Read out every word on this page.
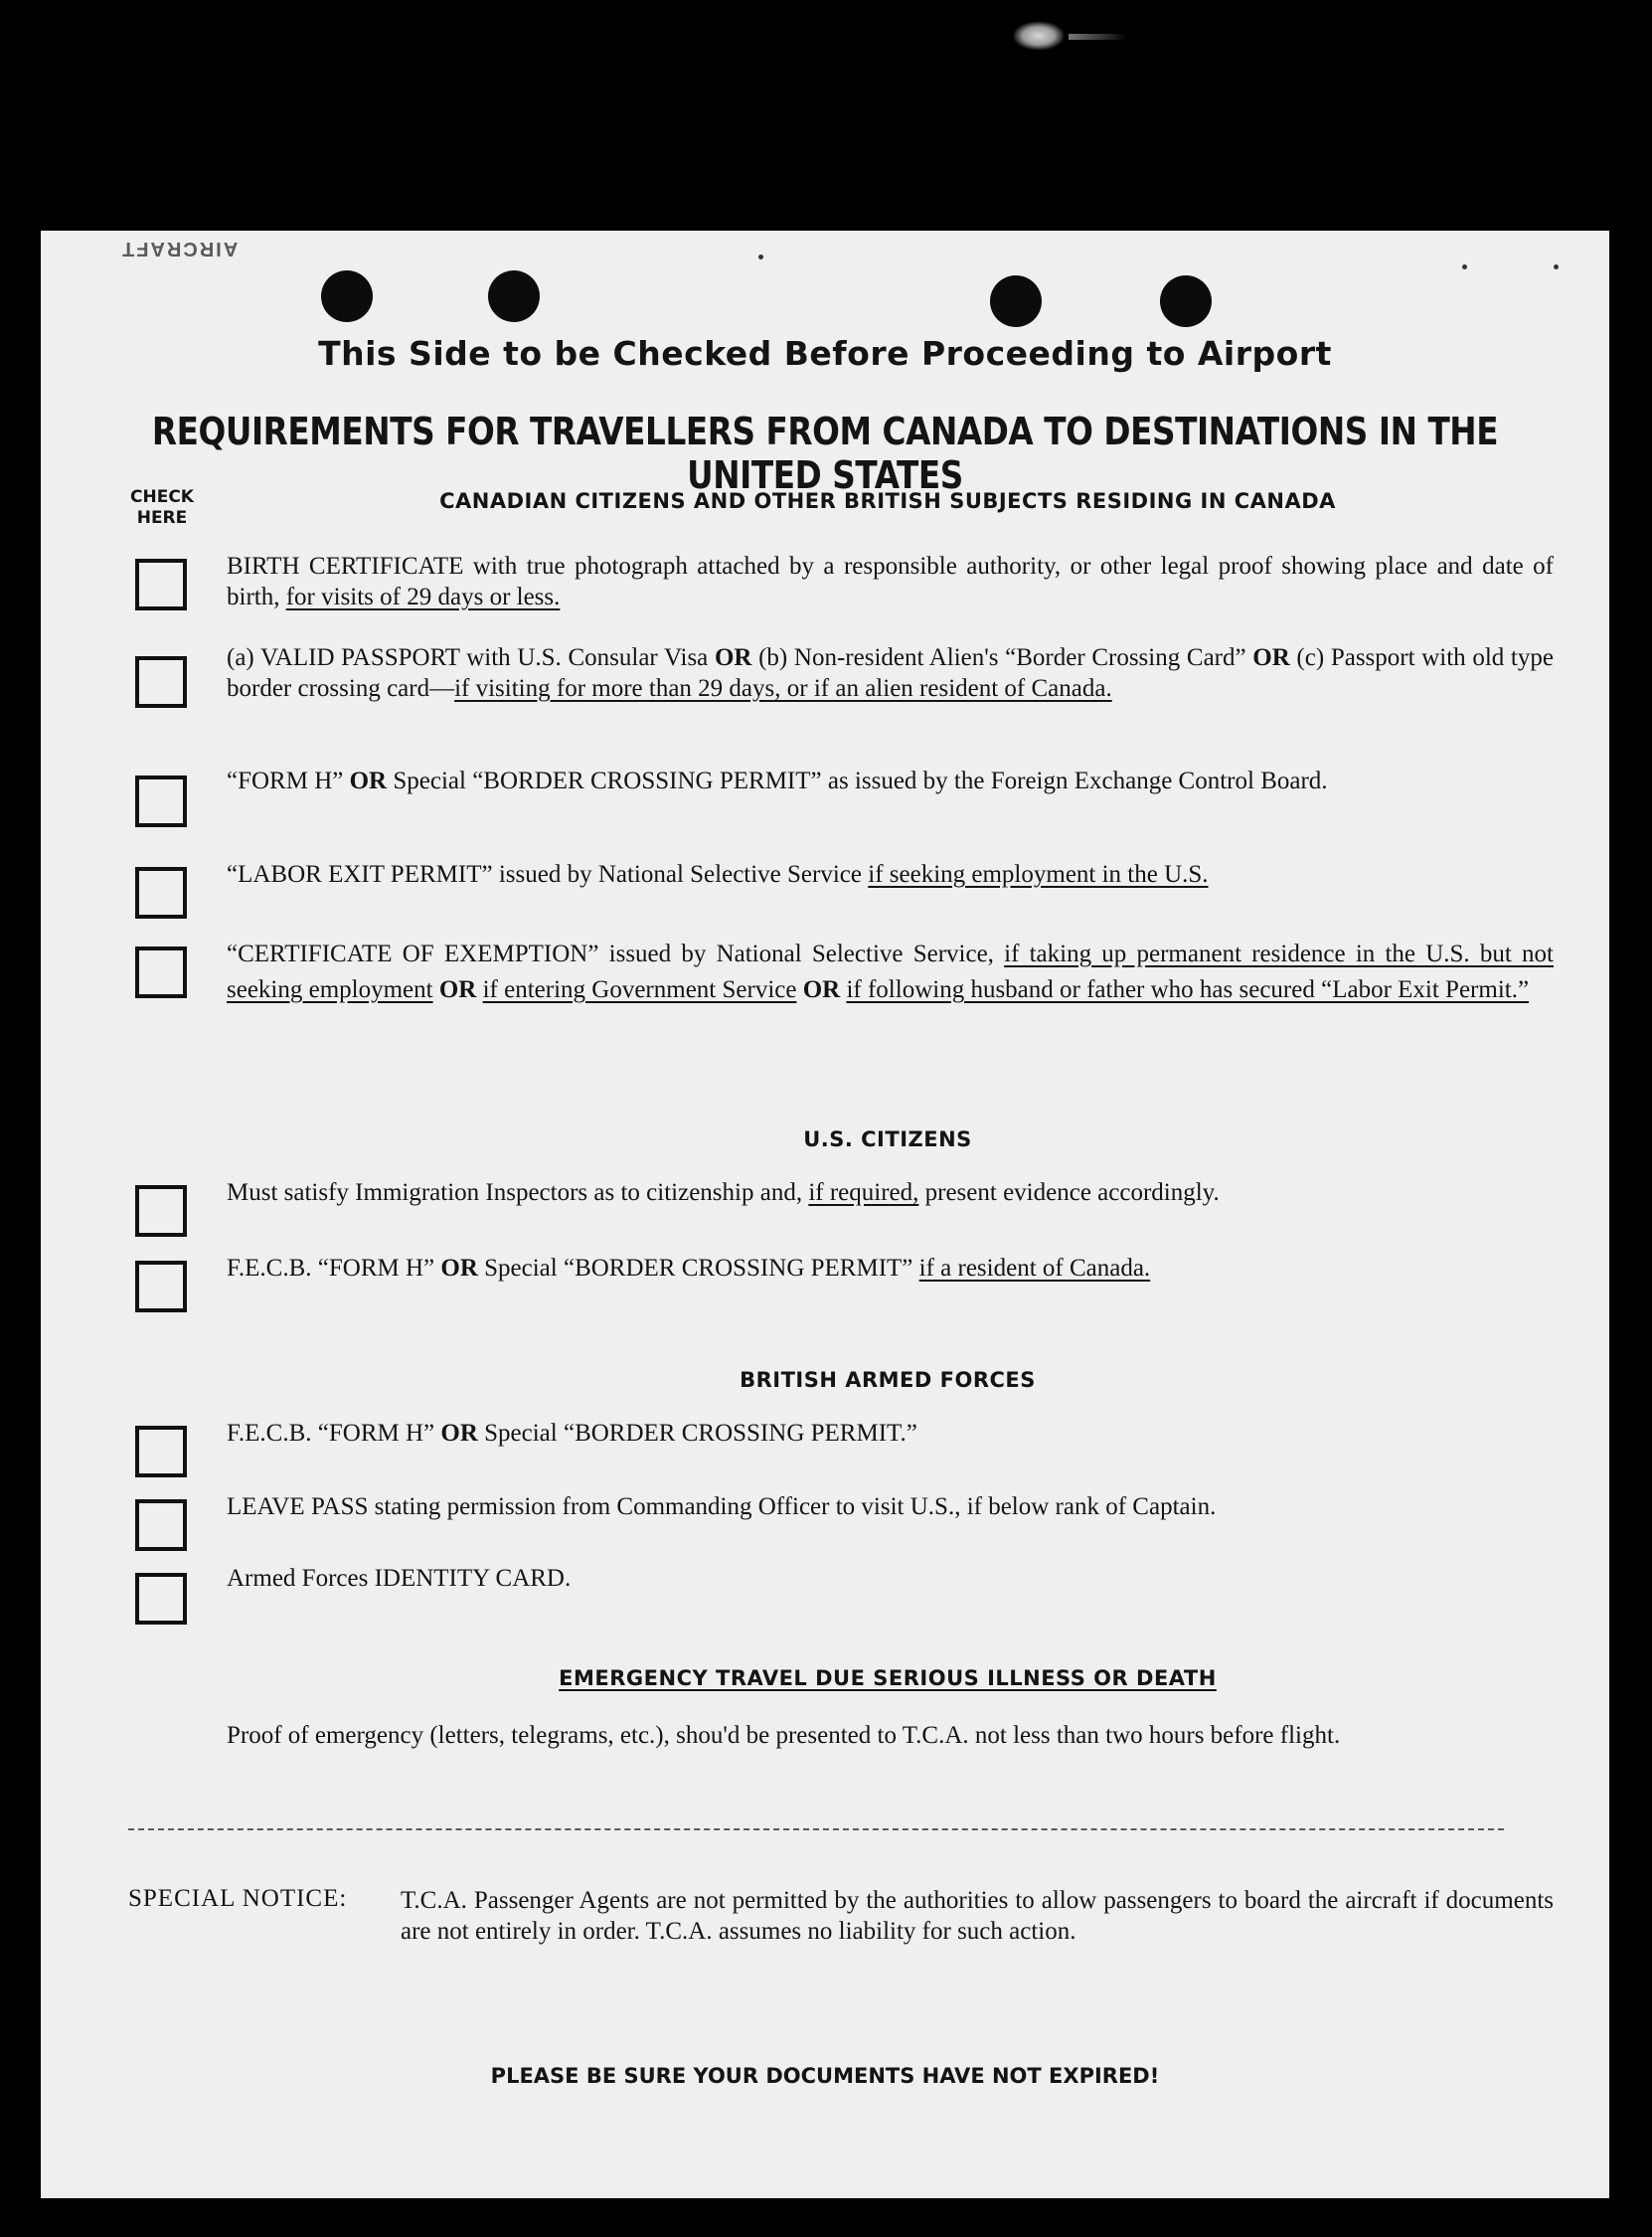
AIRCRAFT
This Side to be Checked Before Proceeding to Airport
REQUIREMENTS FOR TRAVELLERS FROM CANADA TO DESTINATIONS IN THE UNITED STATES
CHECK HERE
CANADIAN CITIZENS AND OTHER BRITISH SUBJECTS RESIDING IN CANADA
BIRTH CERTIFICATE with true photograph attached by a responsible authority, or other legal proof showing place and date of birth, for visits of 29 days or less.
(a) VALID PASSPORT with U.S. Consular Visa OR (b) Non-resident Alien's “Border Crossing Card” OR (c) Passport with old type border crossing card—if visiting for more than 29 days, or if an alien resident of Canada.
“FORM H” OR Special “BORDER CROSSING PERMIT” as issued by the Foreign Exchange Control Board.
“LABOR EXIT PERMIT” issued by National Selective Service if seeking employment in the U.S.
“CERTIFICATE OF EXEMPTION” issued by National Selective Service, if taking up permanent residence in the U.S. but not seeking employment OR if entering Government Service OR if following husband or father who has secured “Labor Exit Permit.”
U.S. CITIZENS
Must satisfy Immigration Inspectors as to citizenship and, if required, present evidence accordingly.
F.E.C.B. “FORM H” OR Special “BORDER CROSSING PERMIT” if a resident of Canada.
BRITISH ARMED FORCES
F.E.C.B. “FORM H” OR Special “BORDER CROSSING PERMIT.”
LEAVE PASS stating permission from Commanding Officer to visit U.S., if below rank of Captain.
Armed Forces IDENTITY CARD.
EMERGENCY TRAVEL DUE SERIOUS ILLNESS OR DEATH
Proof of emergency (letters, telegrams, etc.), shou'd be presented to T.C.A. not less than two hours before flight.
SPECIAL NOTICE: T.C.A. Passenger Agents are not permitted by the authorities to allow passengers to board the aircraft if documents are not entirely in order. T.C.A. assumes no liability for such action.
PLEASE BE SURE YOUR DOCUMENTS HAVE NOT EXPIRED!
